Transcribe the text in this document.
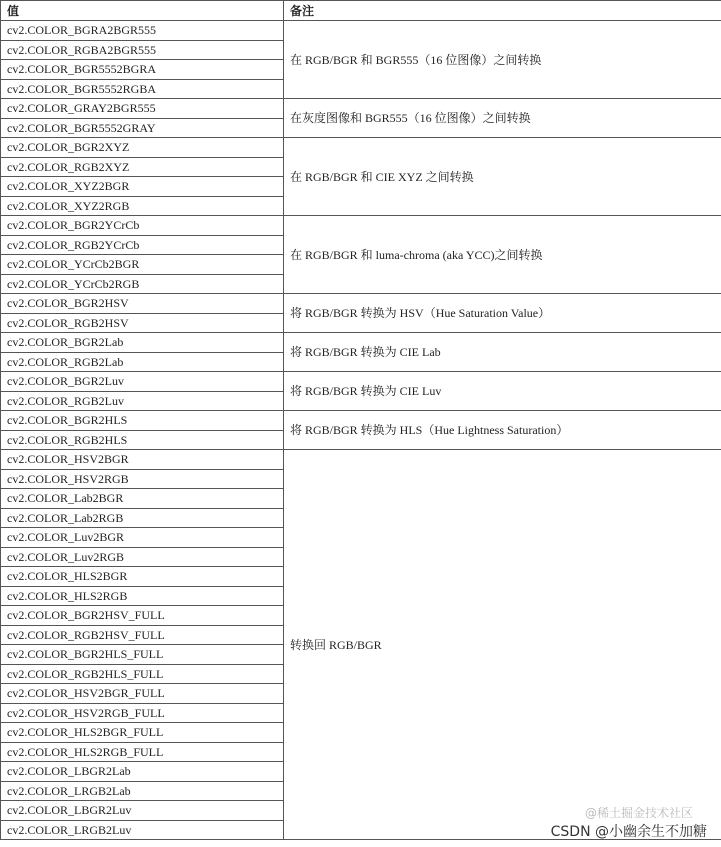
值	备注
cv2.COLOR_BGRA2BGR555	在 RGB/BGR 和 BGR555（16 位图像）之间转换
cv2.COLOR_RGBA2BGR555	
cv2.COLOR_BGR5552BGRA	
cv2.COLOR_BGR5552RGBA	
cv2.COLOR_GRAY2BGR555	在灰度图像和 BGR555（16 位图像）之间转换
cv2.COLOR_BGR5552GRAY	
cv2.COLOR_BGR2XYZ	在 RGB/BGR 和 CIE XYZ 之间转换
cv2.COLOR_RGB2XYZ	
cv2.COLOR_XYZ2BGR	
cv2.COLOR_XYZ2RGB	
cv2.COLOR_BGR2YCrCb	在 RGB/BGR 和 luma-chroma (aka YCC)之间转换
cv2.COLOR_RGB2YCrCb	
cv2.COLOR_YCrCb2BGR	
cv2.COLOR_YCrCb2RGB	
cv2.COLOR_BGR2HSV	将 RGB/BGR 转换为 HSV（Hue Saturation Value）
cv2.COLOR_RGB2HSV	
cv2.COLOR_BGR2Lab	将 RGB/BGR 转换为 CIE Lab
cv2.COLOR_RGB2Lab	
cv2.COLOR_BGR2Luv	将 RGB/BGR 转换为 CIE Luv
cv2.COLOR_RGB2Luv	
cv2.COLOR_BGR2HLS	将 RGB/BGR 转换为 HLS（Hue Lightness Saturation）
cv2.COLOR_RGB2HLS	
cv2.COLOR_HSV2BGR	转换回 RGB/BGR
cv2.COLOR_HSV2RGB	
cv2.COLOR_Lab2BGR	
cv2.COLOR_Lab2RGB	
cv2.COLOR_Luv2BGR	
cv2.COLOR_Luv2RGB	
cv2.COLOR_HLS2BGR	
cv2.COLOR_HLS2RGB	
cv2.COLOR_BGR2HSV_FULL	
cv2.COLOR_RGB2HSV_FULL	
cv2.COLOR_BGR2HLS_FULL	
cv2.COLOR_RGB2HLS_FULL	
cv2.COLOR_HSV2BGR_FULL	
cv2.COLOR_HSV2RGB_FULL	
cv2.COLOR_HLS2BGR_FULL	
cv2.COLOR_HLS2RGB_FULL	
cv2.COLOR_LBGR2Lab	
cv2.COLOR_LRGB2Lab	
cv2.COLOR_LBGR2Luv	
cv2.COLOR_LRGB2Luv	
@稀土掘金技术社区
CSDN @小幽余生不加糖
